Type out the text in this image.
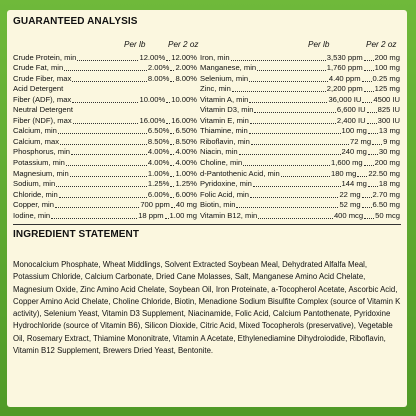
GUARANTEED ANALYSIS
Per lb	Per 2 oz	Per lb	Per 2 oz
Crude Protein, min	12.00% 12.00%
Crude Fat, min	2.00% 2.00%
Crude Fiber, max	8.00% 8.00%
Acid Detergent
Fiber (ADF), max	10.00% 10.00%
Neutral Detergent
Fiber (NDF), max	16.00% 16.00%
Calcium, min	6.50% 6.50%
Calcium, max	8.50% 8.50%
Phosphorus, min	4.00% 4.00%
Potassium, min	4.00% 4.00%
Magnesium, min	1.00% 1.00%
Sodium, min	1.25% 1.25%
Chloride, min	6.00% 6.00%
Copper, min	700 ppm 40 mg
Iodine, min	18 ppm 1.00 mg
Iron, min	3,530 ppm 200 mg
Manganese, min	1,760 ppm 100 mg
Selenium, min	4.40 ppm 0.25 mg
Zinc, min	2,200 ppm 125 mg
Vitamin A, min	36,000 IU 4500 IU
Vitamin D3, min	6,600 IU 825 IU
Vitamin E, min	2,400 IU 300 IU
Thiamine, min	100 mg 13 mg
Riboflavin, min	72 mg 9 mg
Niacin, min	240 mg 30 mg
Choline, min	1,600 mg 200 mg
d-Pantothenic Acid, min	180 mg 22.50 mg
Pyridoxine, min	144 mg 18 mg
Folic Acid, min	22 mg 2.70 mg
Biotin, min	52 mg 6.50 mg
Vitamin B12, min	400 mcg 50 mcg
INGREDIENT STATEMENT
Monocalcium Phosphate, Wheat Middlings, Solvent Extracted Soybean Meal, Dehydrated Alfalfa Meal, Potassium Chloride, Calcium Carbonate, Dried Cane Molasses, Salt, Manganese Amino Acid Chelate, Magnesium Oxide, Zinc Amino Acid Chelate, Soybean Oil, Iron Proteinate, a-Tocopherol Acetate, Ascorbic Acid, Copper Amino Acid Chelate, Choline Chloride, Biotin, Menadione Sodium Bisulfite Complex (source of Vitamin K activity), Selenium Yeast, Vitamin D3 Supplement, Niacinamide, Folic Acid, Calcium Pantothenate, Pyridoxine Hydrochloride (source of Vitamin B6), Silicon Dioxide, Citric Acid, Mixed Tocopherols (preservative), Vegetable Oil, Rosemary Extract, Thiamine Mononitrate, Vitamin A Acetate, Ethylenediamine Dihydroiodide, Riboflavin, Vitamin B12 Supplement, Brewers Dried Yeast, Bentonite.
